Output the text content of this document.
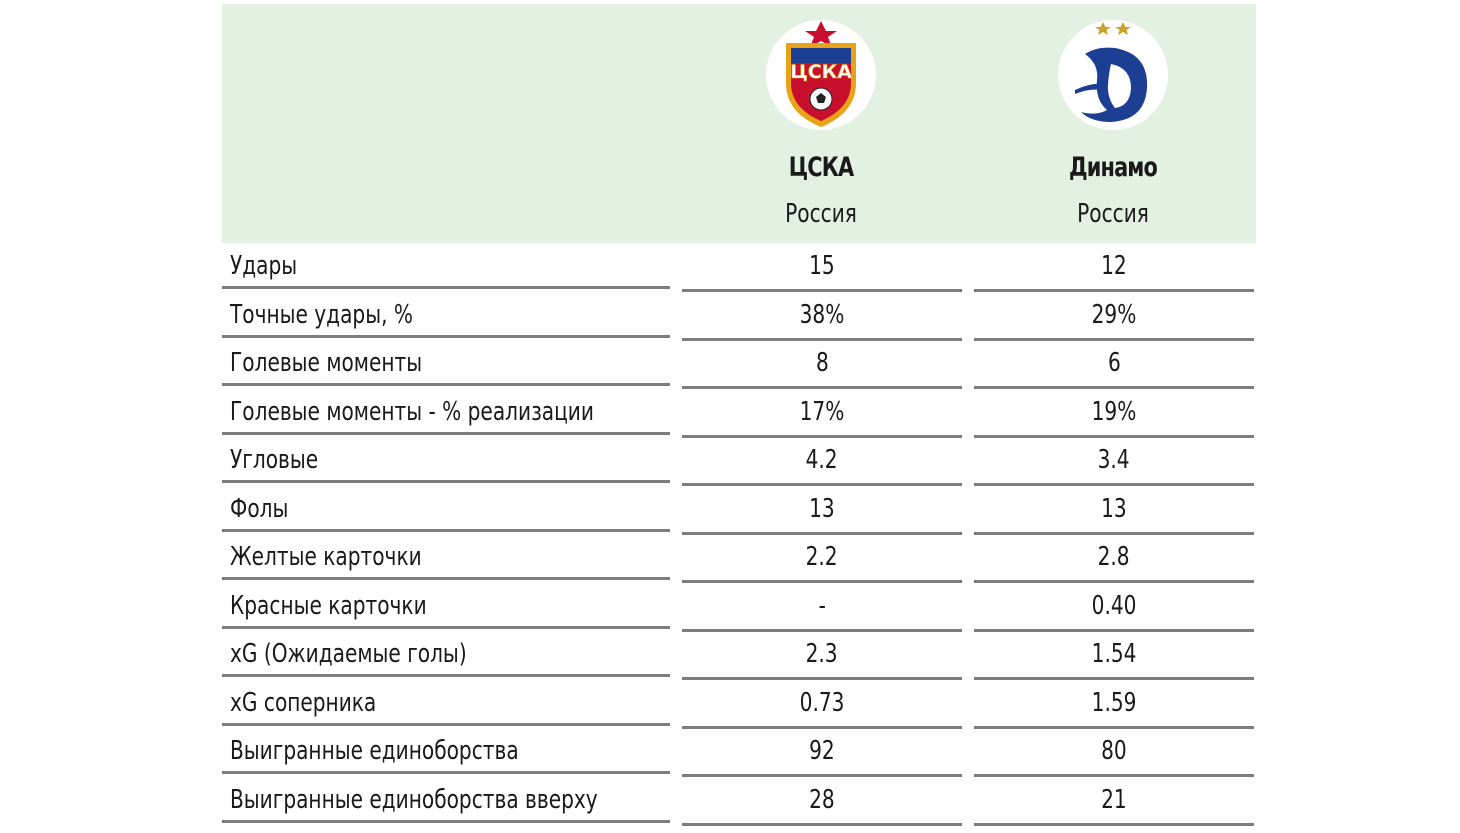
ЦСКА
ЦСКА
Россия
Динамо
Россия
Удары	15	12
Точные удары, %	38%	29%
Голевые моменты	8	6
Голевые моменты - % реализации	17%	19%
Угловые	4.2	3.4
Фолы	13	13
Желтые карточки	2.2	2.8
Красные карточки	-	0.40
xG (Ожидаемые голы)	2.3	1.54
xG соперника	0.73	1.59
Выигранные единоборства	92	80
Выигранные единоборства вверху	28	21
